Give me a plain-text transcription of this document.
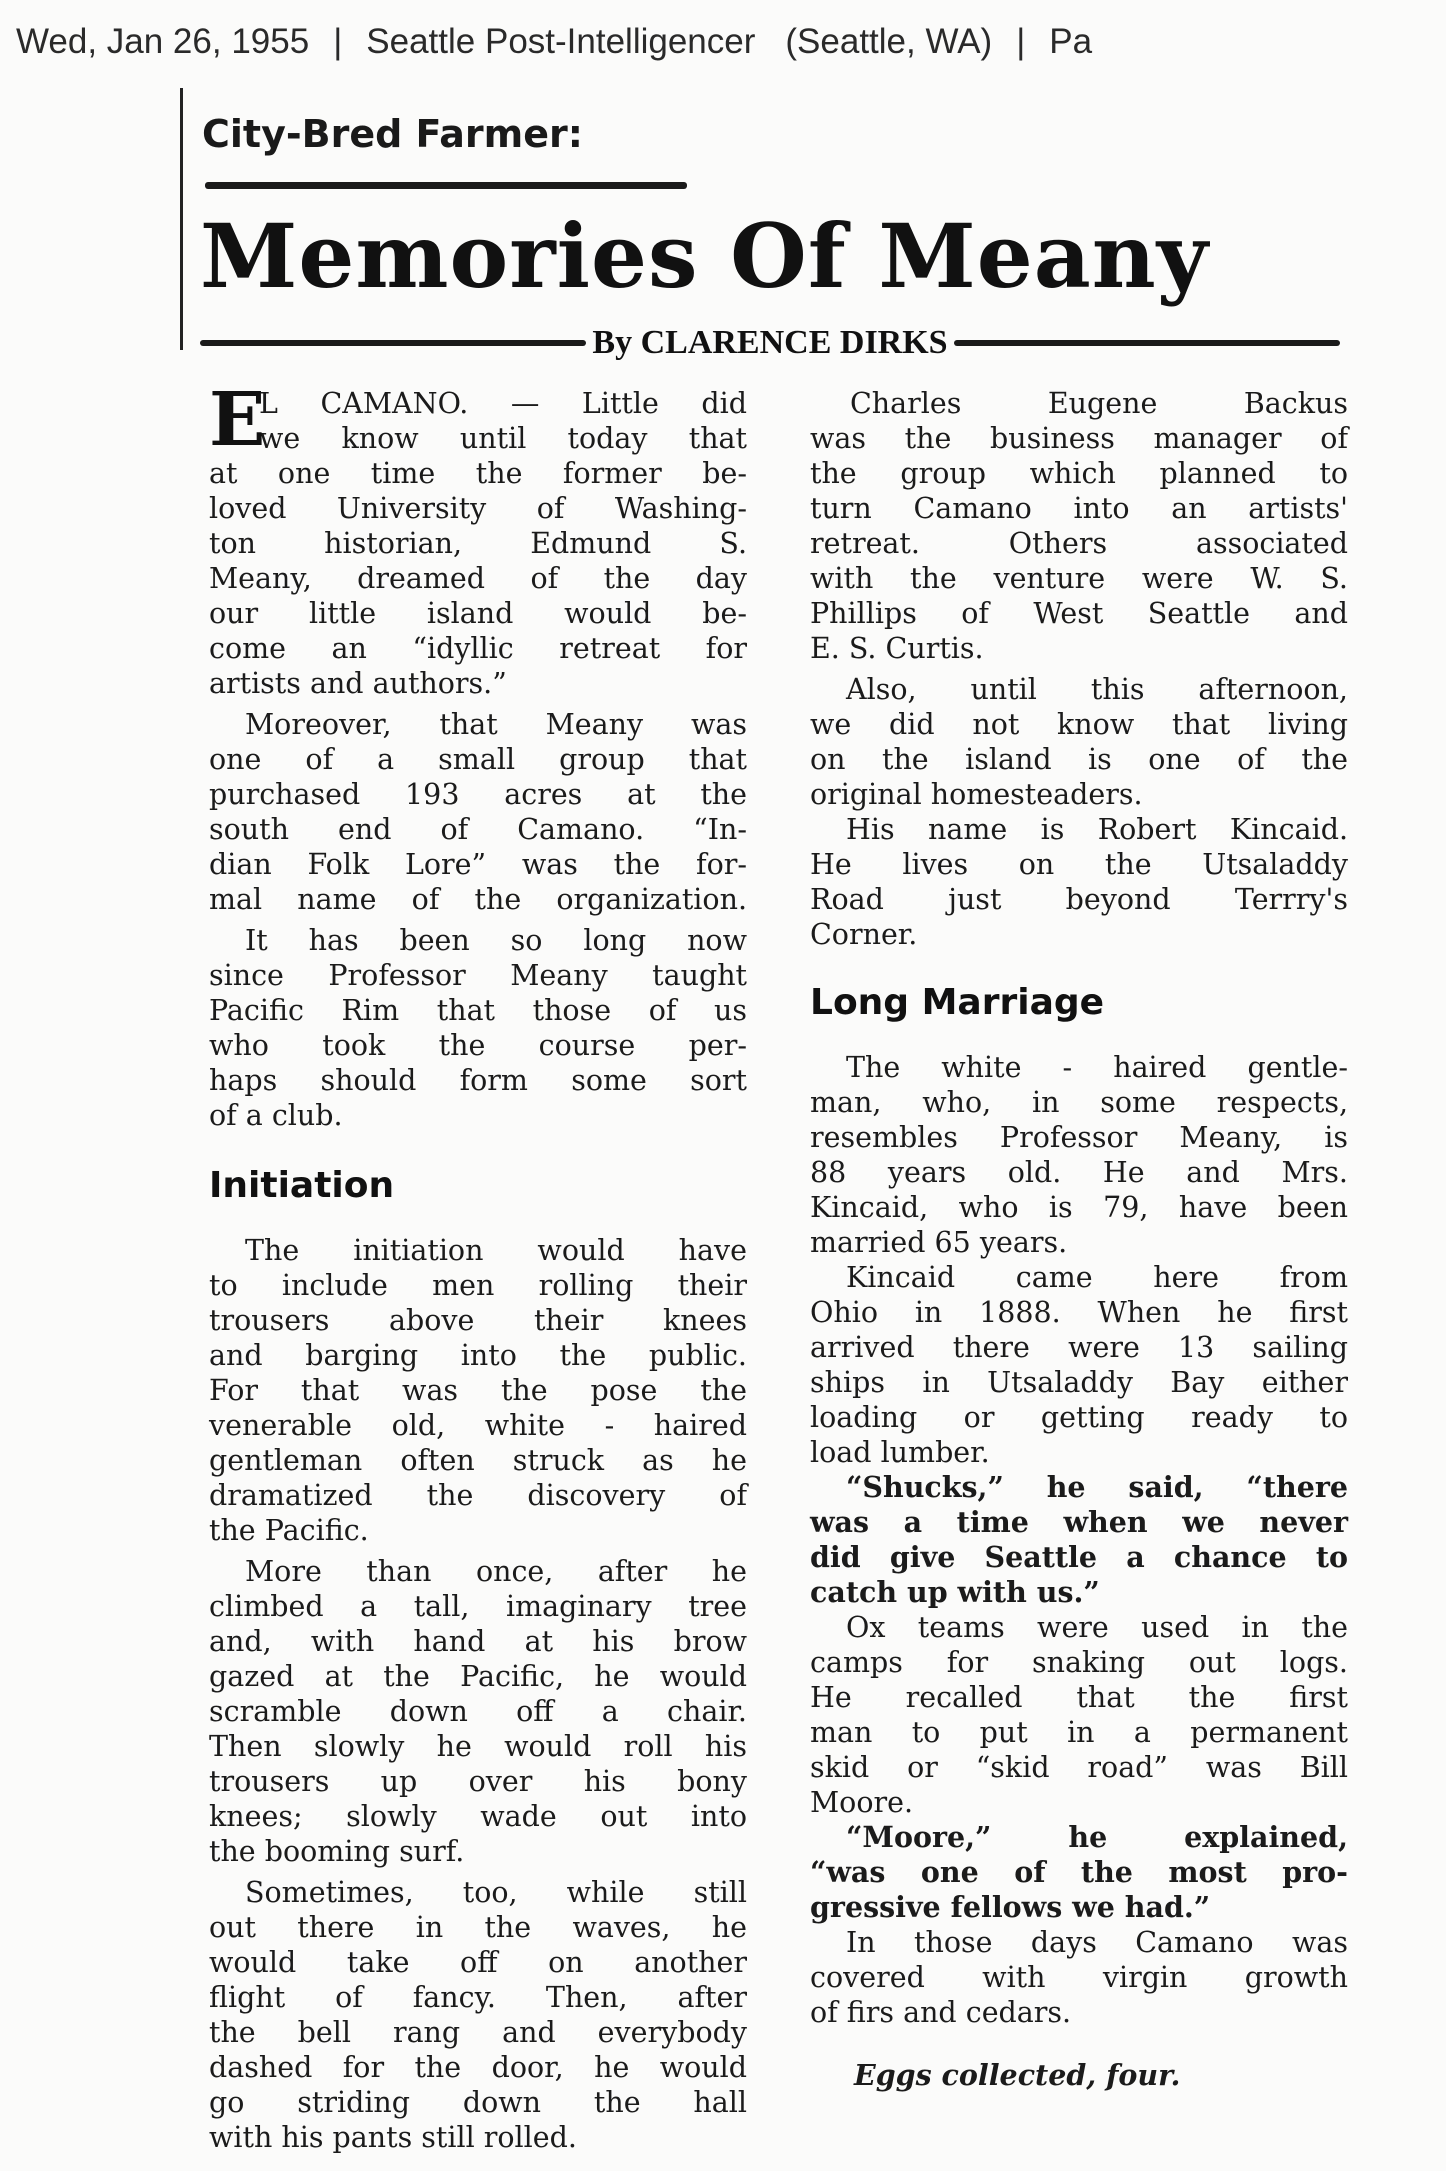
Wed, Jan 26, 1955 | Seattle Post-Intelligencer (Seattle, WA) | Pa
City-Bred Farmer:
Memories Of Meany
By CLARENCE DIRKS
E
L CAMANO. — Little did
we know until today that
at one time the former be-
loved University of Washing-
ton historian, Edmund S.
Meany, dreamed of the day
our little island would be-
come an “idyllic retreat for
artists and authors.”
Moreover, that Meany was
one of a small group that
purchased 193 acres at the
south end of Camano. “In-
dian Folk Lore” was the for-
mal name of the organization.
It has been so long now
since Professor Meany taught
Pacific Rim that those of us
who took the course per-
haps should form some sort
of a club.
Initiation
The initiation would have
to include men rolling their
trousers above their knees
and barging into the public.
For that was the pose the
venerable old, white - haired
gentleman often struck as he
dramatized the discovery of
the Pacific.
More than once, after he
climbed a tall, imaginary tree
and, with hand at his brow
gazed at the Pacific, he would
scramble down off a chair.
Then slowly he would roll his
trousers up over his bony
knees; slowly wade out into
the booming surf.
Sometimes, too, while still
out there in the waves, he
would take off on another
flight of fancy. Then, after
the bell rang and everybody
dashed for the door, he would
go striding down the hall
with his pants still rolled.
Charles Eugene Backus
was the business manager of
the group which planned to
turn Camano into an artists'
retreat. Others associated
with the venture were W. S.
Phillips of West Seattle and
E. S. Curtis.
Also, until this afternoon,
we did not know that living
on the island is one of the
original homesteaders.
His name is Robert Kincaid.
He lives on the Utsaladdy
Road just beyond Terrry's
Corner.
Long Marriage
The white - haired gentle-
man, who, in some respects,
resembles Professor Meany, is
88 years old. He and Mrs.
Kincaid, who is 79, have been
married 65 years.
Kincaid came here from
Ohio in 1888. When he first
arrived there were 13 sailing
ships in Utsaladdy Bay either
loading or getting ready to
load lumber.
“Shucks,” he said, “there
was a time when we never
did give Seattle a chance to
catch up with us.”
Ox teams were used in the
camps for snaking out logs.
He recalled that the first
man to put in a permanent
skid or “skid road” was Bill
Moore.
“Moore,” he explained,
“was one of the most pro-
gressive fellows we had.”
In those days Camano was
covered with virgin growth
of firs and cedars.
Eggs collected, four.
